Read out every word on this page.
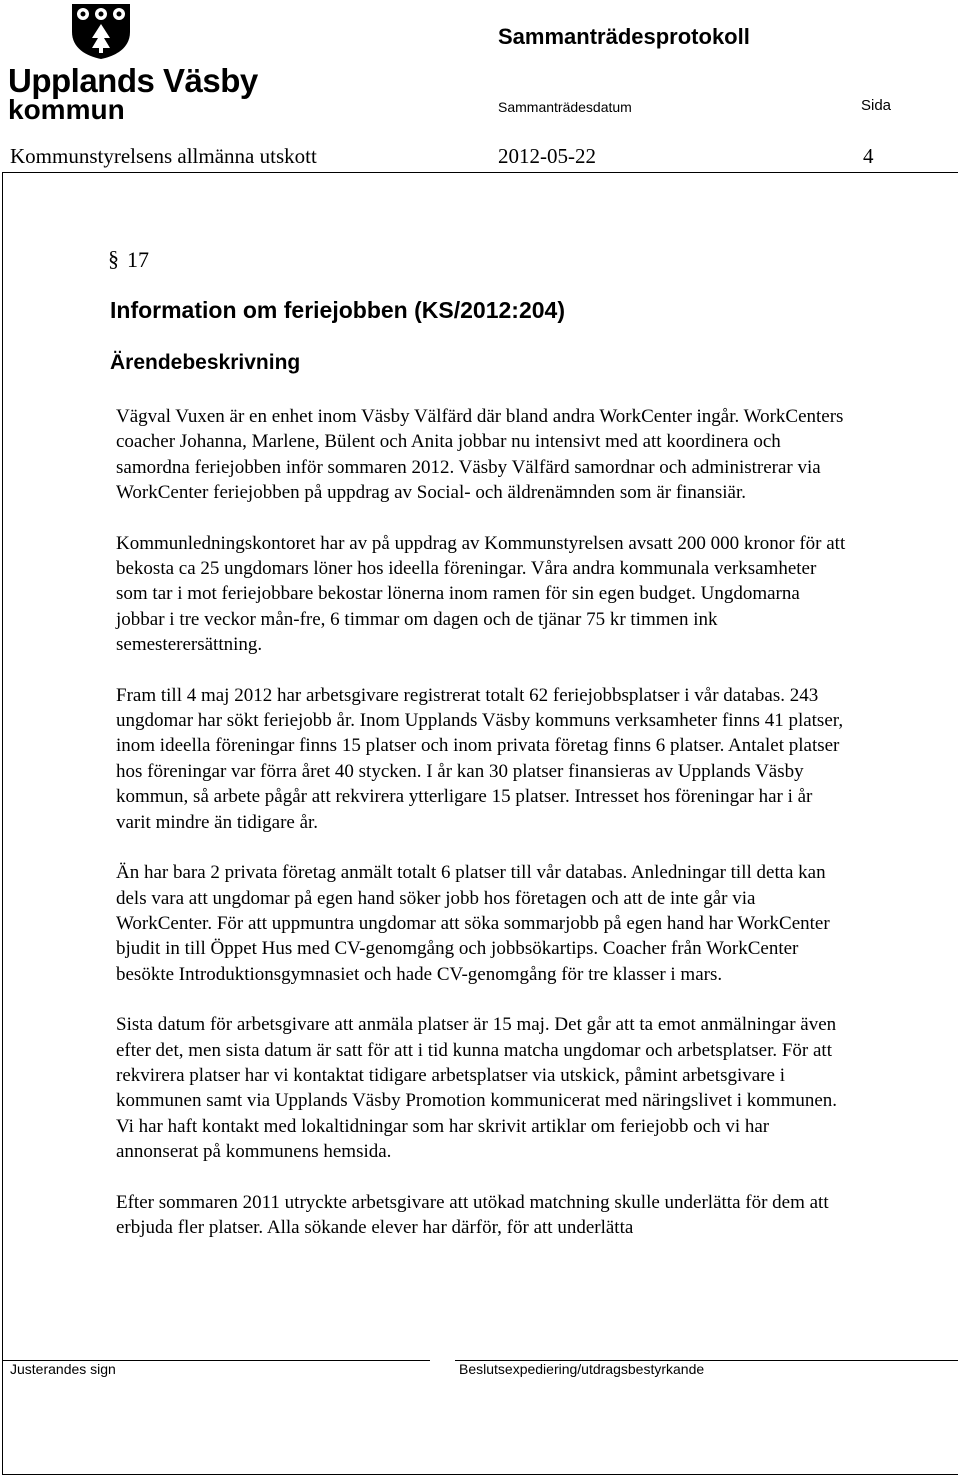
Upplands Väsby
kommun
Sammanträdesprotokoll
Sammanträdesdatum	Sida
Kommunstyrelsens allmänna utskott	2012-05-22	4
§ 17
Information om feriejobben (KS/2012:204)
Ärendebeskrivning

Vägval Vuxen är en enhet inom Väsby Välfärd där bland andra WorkCenter ingår. WorkCenters coacher Johanna, Marlene, Bülent och Anita jobbar nu intensivt med att koordinera och samordna feriejobben inför sommaren 2012. Väsby Välfärd samordnar och administrerar via WorkCenter feriejobben på uppdrag av Social- och äldrenämnden som är finansiär.

Kommunledningskontoret har av på uppdrag av Kommunstyrelsen avsatt 200 000 kronor för att bekosta ca 25 ungdomars löner hos ideella föreningar. Våra andra kommunala verksamheter som tar i mot feriejobbare bekostar lönerna inom ramen för sin egen budget. Ungdomarna jobbar i tre veckor mån-fre, 6 timmar om dagen och de tjänar 75 kr timmen ink semesterersättning.

Fram till 4 maj 2012 har arbetsgivare registrerat totalt 62 feriejobbsplatser i vår databas. 243 ungdomar har sökt feriejobb år. Inom Upplands Väsby kommuns verksamheter finns 41 platser, inom ideella föreningar finns 15 platser och inom privata företag finns 6 platser. Antalet platser hos föreningar var förra året 40 stycken. I år kan 30 platser finansieras av Upplands Väsby kommun, så arbete pågår att rekvirera ytterligare 15 platser. Intresset hos föreningar har i år varit mindre än tidigare år.

Än har bara 2 privata företag anmält totalt 6 platser till vår databas. Anledningar till detta kan dels vara att ungdomar på egen hand söker jobb hos företagen och att de inte går via WorkCenter. För att uppmuntra ungdomar att söka sommarjobb på egen hand har WorkCenter bjudit in till Öppet Hus med CV-genomgång och jobbsökartips. Coacher från WorkCenter besökte Introduktionsgymnasiet och hade CV-genomgång för tre klasser i mars.

Sista datum för arbetsgivare att anmäla platser är 15 maj. Det går att ta emot anmälningar även efter det, men sista datum är satt för att i tid kunna matcha ungdomar och arbetsplatser. För att rekvirera platser har vi kontaktat tidigare arbetsplatser via utskick, påmint arbetsgivare i kommunen samt via Upplands Väsby Promotion kommunicerat med näringslivet i kommunen. Vi har haft kontakt med lokaltidningar som har skrivit artiklar om feriejobb och vi har annonserat på kommunens hemsida.

Efter sommaren 2011 utryckte arbetsgivare att utökad matchning skulle underlätta för dem att erbjuda fler platser. Alla sökande elever har därför, för att underlätta

Justerandes sign	Beslutsexpediering/utdragsbestyrkande
